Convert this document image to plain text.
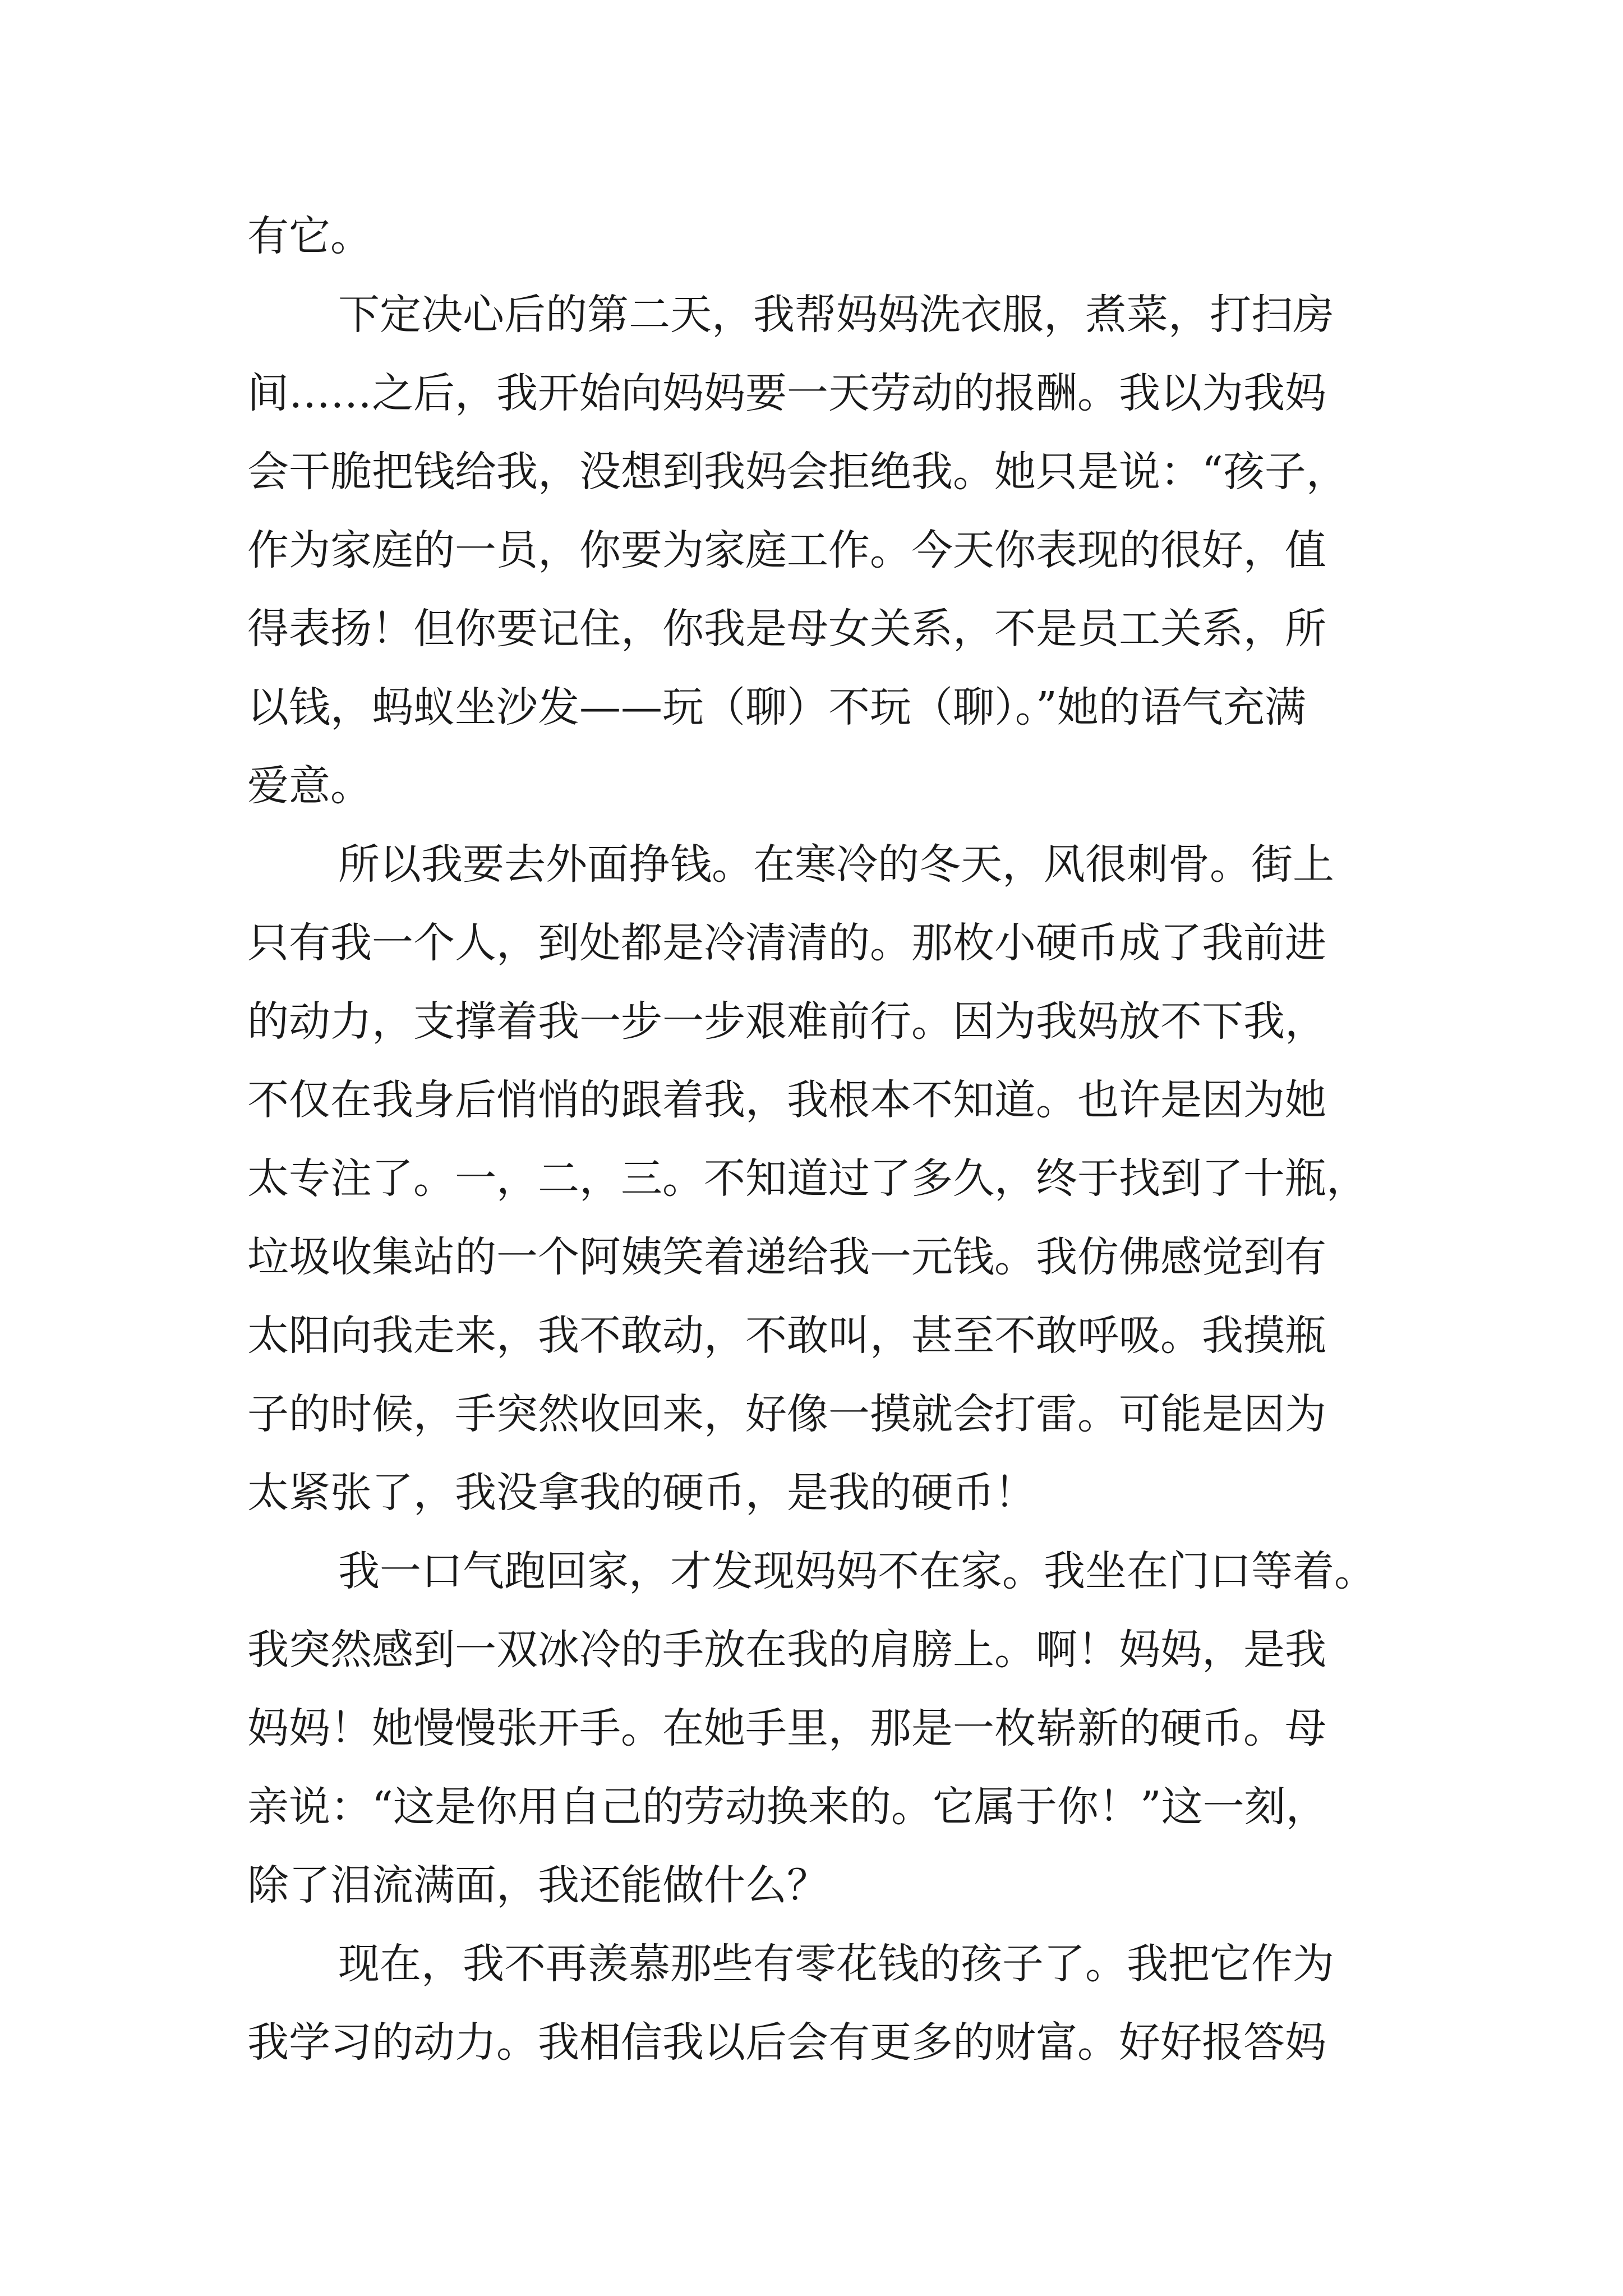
有它。

下定决心后的第二天，我帮妈妈洗衣服，煮菜，打扫房

间……之后，我开始向妈妈要一天劳动的报酬。我以为我妈

会干脆把钱给我，没想到我妈会拒绝我。她只是说：“孩子，

作为家庭的一员，你要为家庭工作。今天你表现的很好，值

得表扬！但你要记住，你我是母女关系，不是员工关系，所

以钱，蚂蚁坐沙发——玩（聊）不玩（聊）。”她的语气充满

爱意。

所以我要去外面挣钱。在寒冷的冬天，风很刺骨。街上

只有我一个人，到处都是冷清清的。那枚小硬币成了我前进

的动力，支撑着我一步一步艰难前行。因为我妈放不下我，

不仅在我身后悄悄的跟着我，我根本不知道。也许是因为她

太专注了。一，二，三。不知道过了多久，终于找到了十瓶，

垃圾收集站的一个阿姨笑着递给我一元钱。我仿佛感觉到有

太阳向我走来，我不敢动，不敢叫，甚至不敢呼吸。我摸瓶

子的时候，手突然收回来，好像一摸就会打雷。可能是因为

太紧张了，我没拿我的硬币，是我的硬币！

我一口气跑回家，才发现妈妈不在家。我坐在门口等着。

我突然感到一双冰冷的手放在我的肩膀上。啊！妈妈，是我

妈妈！她慢慢张开手。在她手里，那是一枚崭新的硬币。母

亲说：“这是你用自己的劳动换来的。它属于你！”这一刻，

除了泪流满面，我还能做什么？

现在，我不再羡慕那些有零花钱的孩子了。我把它作为

我学习的动力。我相信我以后会有更多的财富。好好报答妈
